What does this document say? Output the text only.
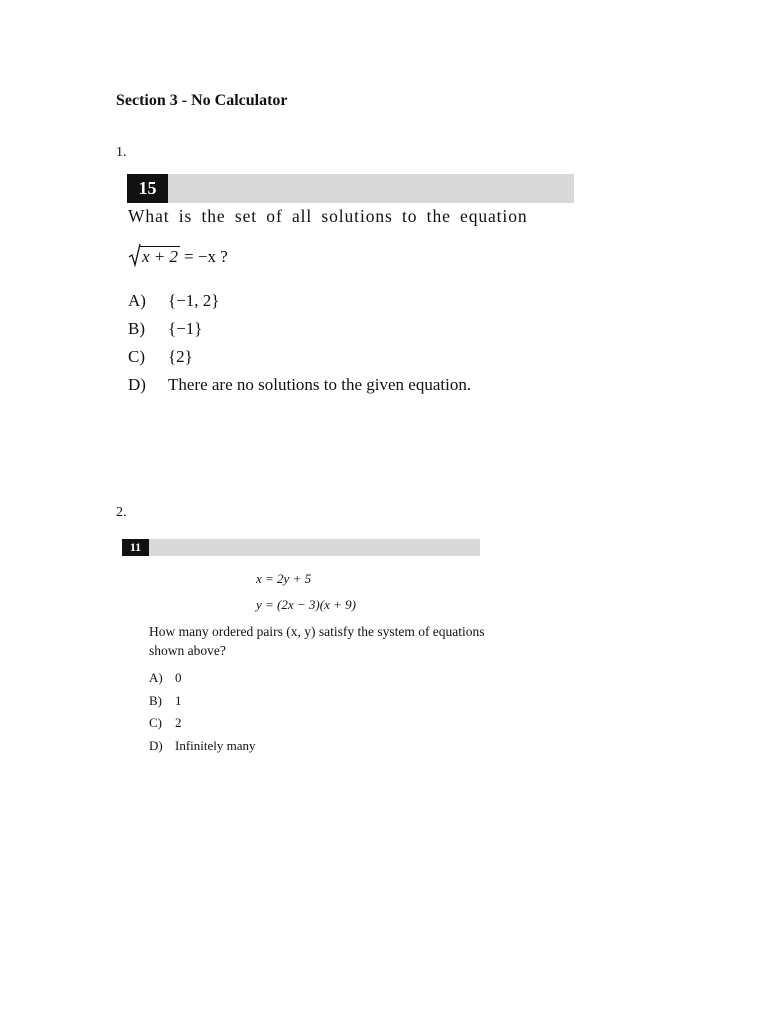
Section 3 - No Calculator
1.
15
What is the set of all solutions to the equation
x + 2 = −x ?
A)	{−1, 2}
B)	{−1}
C)	{2}
D)	There are no solutions to the given equation.
2.
11
x = 2y + 5
y = (2x − 3)(x + 9)
How many ordered pairs (x, y) satisfy the system of equations shown above?
A) 0
B)	1
C)	2
D) Infinitely many
